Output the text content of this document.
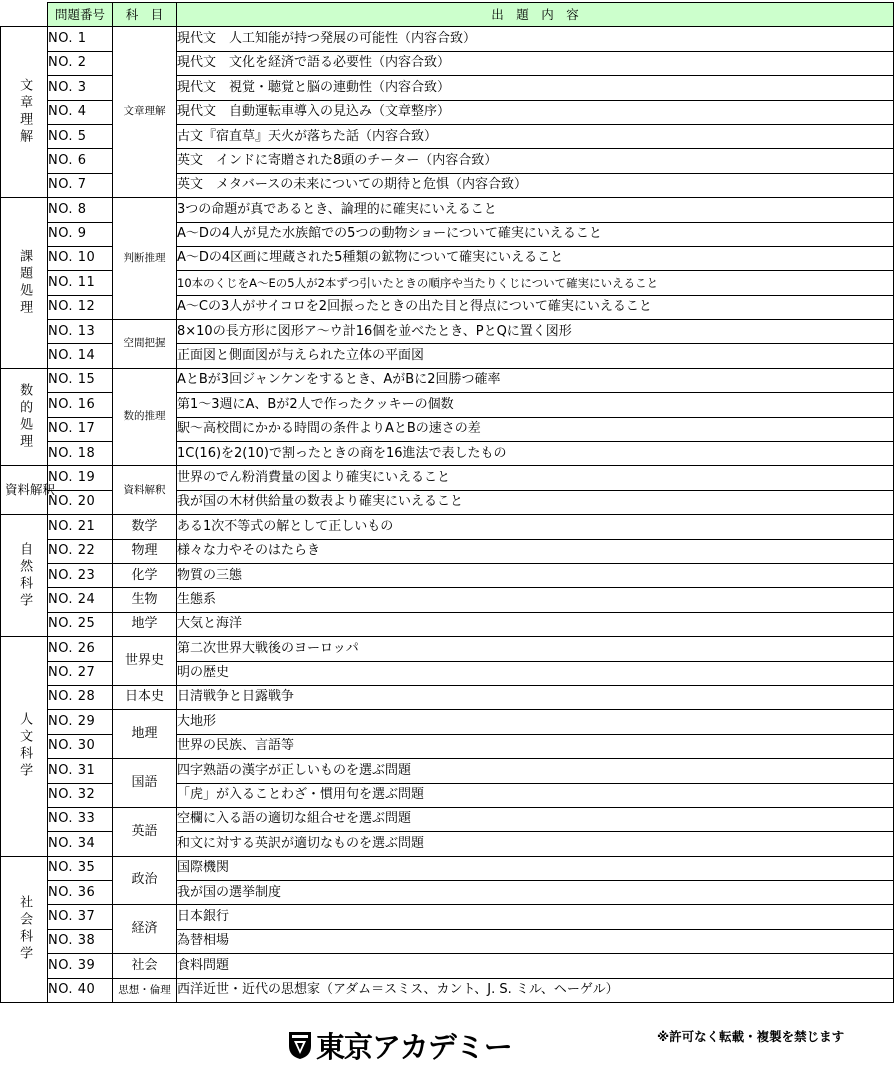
	問題番号	科　目	出　題　内　容
文章理解	NO. 1	文章理解	現代文　人工知能が持つ発展の可能性（内容合致）
	NO. 2		現代文　文化を経済で語る必要性（内容合致）
	NO. 3		現代文　視覚・聴覚と脳の連動性（内容合致）
	NO. 4		現代文　自動運転車導入の見込み（文章整序）
	NO. 5		古文『宿直草』天火が落ちた話（内容合致）
	NO. 6		英文　インドに寄贈された8頭のチーター（内容合致）
	NO. 7		英文　メタバースの未来についての期待と危惧（内容合致）
課題処理	NO. 8	判断推理	3つの命題が真であるとき、論理的に確実にいえること
	NO. 9		A～Dの4人が見た水族館での5つの動物ショーについて確実にいえること
	NO. 10		A～Dの4区画に埋蔵された5種類の鉱物について確実にいえること
	NO. 11		10本のくじをA～Eの5人が2本ずつ引いたときの順序や当たりくじについて確実にいえること
	NO. 12		A～Cの3人がサイコロを2回振ったときの出た目と得点について確実にいえること
	NO. 13	空間把握	8×10の長方形に図形ア～ウ計16個を並べたとき、PとQに置く図形
	NO. 14		正面図と側面図が与えられた立体の平面図
数的処理	NO. 15	数的推理	AとBが3回ジャンケンをするとき、AがBに2回勝つ確率
	NO. 16		第1～3週にA、Bが2人で作ったクッキーの個数
	NO. 17		駅～高校間にかかる時間の条件よりAとBの速さの差
	NO. 18		1C(16)を2(10)で割ったときの商を16進法で表したもの
資料解釈	NO. 19	資料解釈	世界のでん粉消費量の図より確実にいえること
	NO. 20		我が国の木材供給量の数表より確実にいえること
自然科学	NO. 21	数学	ある1次不等式の解として正しいもの
	NO. 22	物理	様々な力やそのはたらき
	NO. 23	化学	物質の三態
	NO. 24	生物	生態系
	NO. 25	地学	大気と海洋
人文科学	NO. 26	世界史	第二次世界大戦後のヨーロッパ
	NO. 27		明の歴史
	NO. 28	日本史	日清戦争と日露戦争
	NO. 29	地理	大地形
	NO. 30		世界の民族、言語等
	NO. 31	国語	四字熟語の漢字が正しいものを選ぶ問題
	NO. 32		「虎」が入ることわざ・慣用句を選ぶ問題
	NO. 33	英語	空欄に入る語の適切な組合せを選ぶ問題
	NO. 34		和文に対する英訳が適切なものを選ぶ問題
社会科学	NO. 35	政治	国際機関
	NO. 36		我が国の選挙制度
	NO. 37	経済	日本銀行
	NO. 38		為替相場
	NO. 39	社会	食料問題
	NO. 40	思想・倫理	西洋近世・近代の思想家（アダム＝スミス、カント、J. S. ミル、ヘーゲル）
東京アカデミー	※許可なく転載・複製を禁じます
